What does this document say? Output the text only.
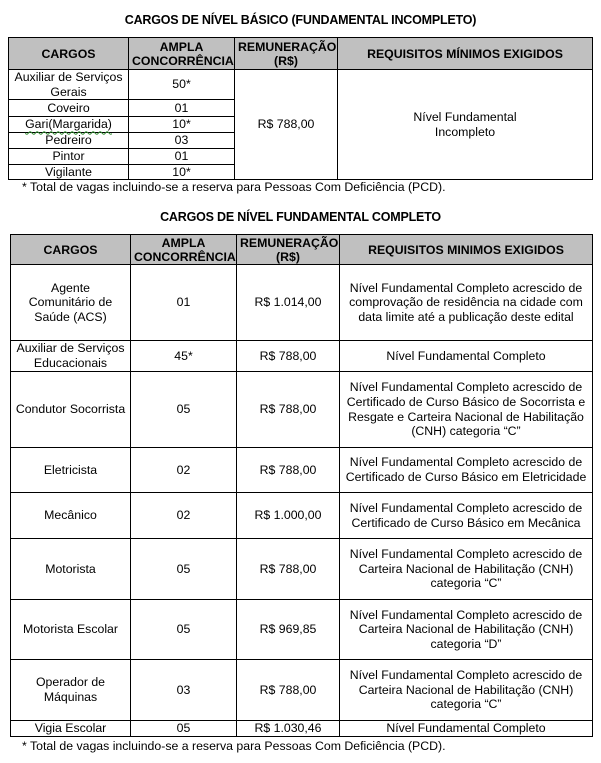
CARGOS DE NÍVEL BÁSICO (FUNDAMENTAL INCOMPLETO)
CARGOS	AMPLA CONCORRÊNCIA	REMUNERAÇÃO (R$)	REQUISITOS MÍNIMOS EXIGIDOS
Auxiliar de Serviços Gerais	50*	R$ 788,00	Nível Fundamental Incompleto
Coveiro	01		
Gari(Margarida)	10*		
Pedreiro	03		
Pintor	01		
Vigilante	10*		
* Total de vagas incluindo-se a reserva para Pessoas Com Deficiência (PCD).
CARGOS DE NÍVEL FUNDAMENTAL COMPLETO
CARGOS	AMPLA CONCORRÊNCIA	REMUNERAÇÃO (R$)	REQUISITOS MINIMOS EXIGIDOS
Agente Comunitário de Saúde (ACS)	01	R$ 1.014,00	Nível Fundamental Completo acrescido de comprovação de residência na cidade com data limite até a publicação deste edital
Auxiliar de Serviços Educacionais	45*	R$ 788,00	Nível Fundamental Completo
Condutor Socorrista	05	R$ 788,00	Nível Fundamental Completo acrescido de Certificado de Curso Básico de Socorrista e Resgate e Carteira Nacional de Habilitação (CNH) categoria “C”
Eletricista	02	R$ 788,00	Nível Fundamental Completo acrescido de Certificado de Curso Básico em Eletricidade
Mecânico	02	R$ 1.000,00	Nível Fundamental Completo acrescido de Certificado de Curso Básico em Mecânica
Motorista	05	R$ 788,00	Nível Fundamental Completo acrescido de Carteira Nacional de Habilitação (CNH) categoria “C”
Motorista Escolar	05	R$ 969,85	Nível Fundamental Completo acrescido de Carteira Nacional de Habilitação (CNH) categoria “D”
Operador de Máquinas	03	R$ 788,00	Nível Fundamental Completo acrescido de Carteira Nacional de Habilitação (CNH) categoria “C”
Vigia Escolar	05	R$ 1.030,46	Nível Fundamental Completo
* Total de vagas incluindo-se a reserva para Pessoas Com Deficiência (PCD).
